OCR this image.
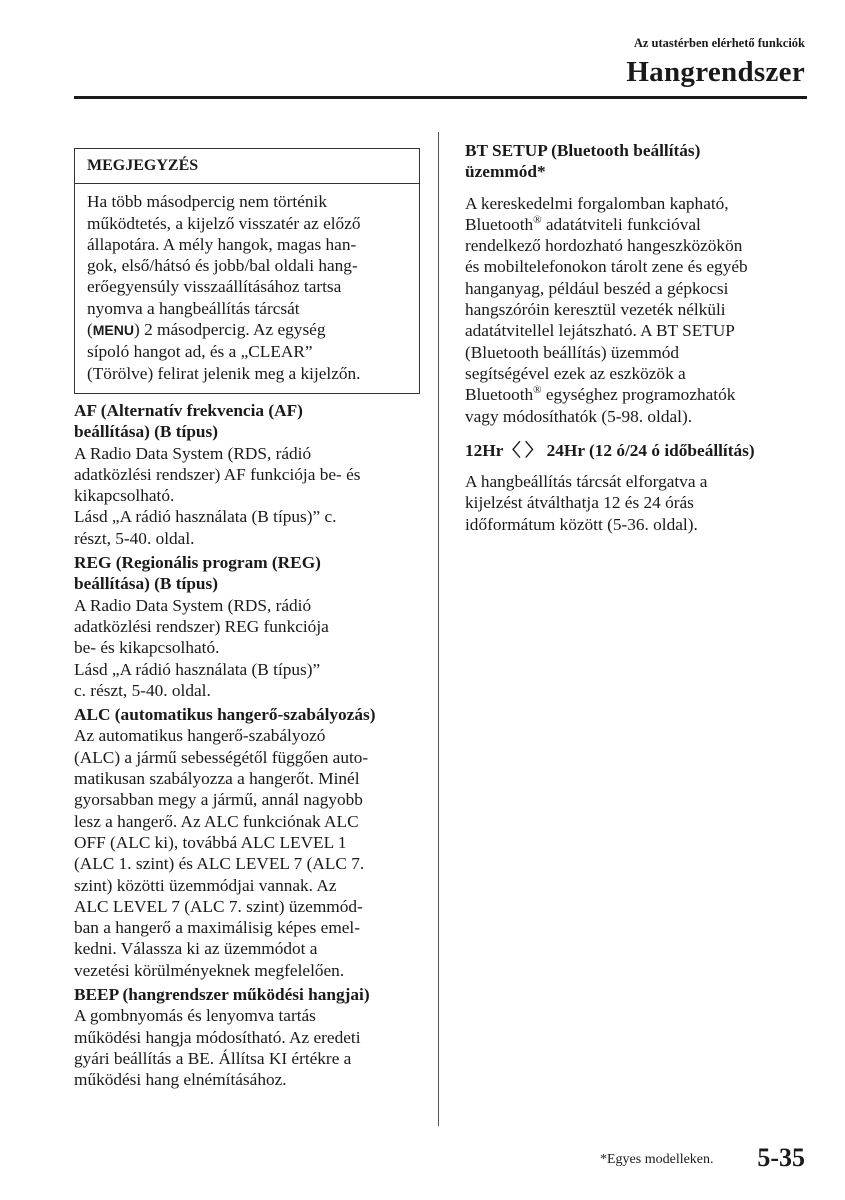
Az utastérben elérhető funkciók
Hangrendszer
MEGJEGYZÉS
Ha több másodpercig nem történik
működtetés, a kijelző visszatér az előző
állapotára. A mély hangok, magas han-
gok, első/hátsó és jobb/bal oldali hang-
erőegyensúly visszaállításához tartsa
nyomva a hangbeállítás tárcsát
(MENU) 2 másodpercig. Az egység
sípoló hangot ad, és a „CLEAR”
(Törölve) felirat jelenik meg a kijelzőn.
AF (Alternatív frekvencia (AF)
beállítása) (B típus)
A Radio Data System (RDS, rádió
adatközlési rendszer) AF funkciója be- és
kikapcsolható.
Lásd „A rádió használata (B típus)” c.
részt, 5-40. oldal.
REG (Regionális program (REG)
beállítása) (B típus)
A Radio Data System (RDS, rádió
adatközlési rendszer) REG funkciója
be- és kikapcsolható.
Lásd „A rádió használata (B típus)”
c. részt, 5-40. oldal.
ALC (automatikus hangerő-szabályozás)
Az automatikus hangerő-szabályozó
(ALC) a jármű sebességétől függően auto-
matikusan szabályozza a hangerőt. Minél
gyorsabban megy a jármű, annál nagyobb
lesz a hangerő. Az ALC funkciónak ALC
OFF (ALC ki), továbbá ALC LEVEL 1
(ALC 1. szint) és ALC LEVEL 7 (ALC 7.
szint) közötti üzemmódjai vannak. Az
ALC LEVEL 7 (ALC 7. szint) üzemmód-
ban a hangerő a maximálisig képes emel-
kedni. Válassza ki az üzemmódot a
vezetési körülményeknek megfelelően.
BEEP (hangrendszer működési hangjai)
A gombnyomás és lenyomva tartás
működési hangja módosítható. Az eredeti
gyári beállítás a BE. Állítsa KI értékre a
működési hang elnémításához.
BT SETUP (Bluetooth beállítás)
üzemmód*
A kereskedelmi forgalomban kapható,
Bluetooth® adatátviteli funkcióval
rendelkező hordozható hangeszközökön
és mobiltelefonokon tárolt zene és egyéb
hanganyag, például beszéd a gépkocsi
hangszóróin keresztül vezeték nélküli
adatátvitellel lejátszható. A BT SETUP
(Bluetooth beállítás) üzemmód
segítségével ezek az eszközök a
Bluetooth® egységhez programozhatók
vagy módosíthatók (5-98. oldal).
12Hr〈 〉 24Hr (12 ó/24 ó időbeállítás)
A hangbeállítás tárcsát elforgatva a
kijelzést átválthatja 12 és 24 órás
időformátum között (5-36. oldal).
*Egyes modelleken. 5-35
